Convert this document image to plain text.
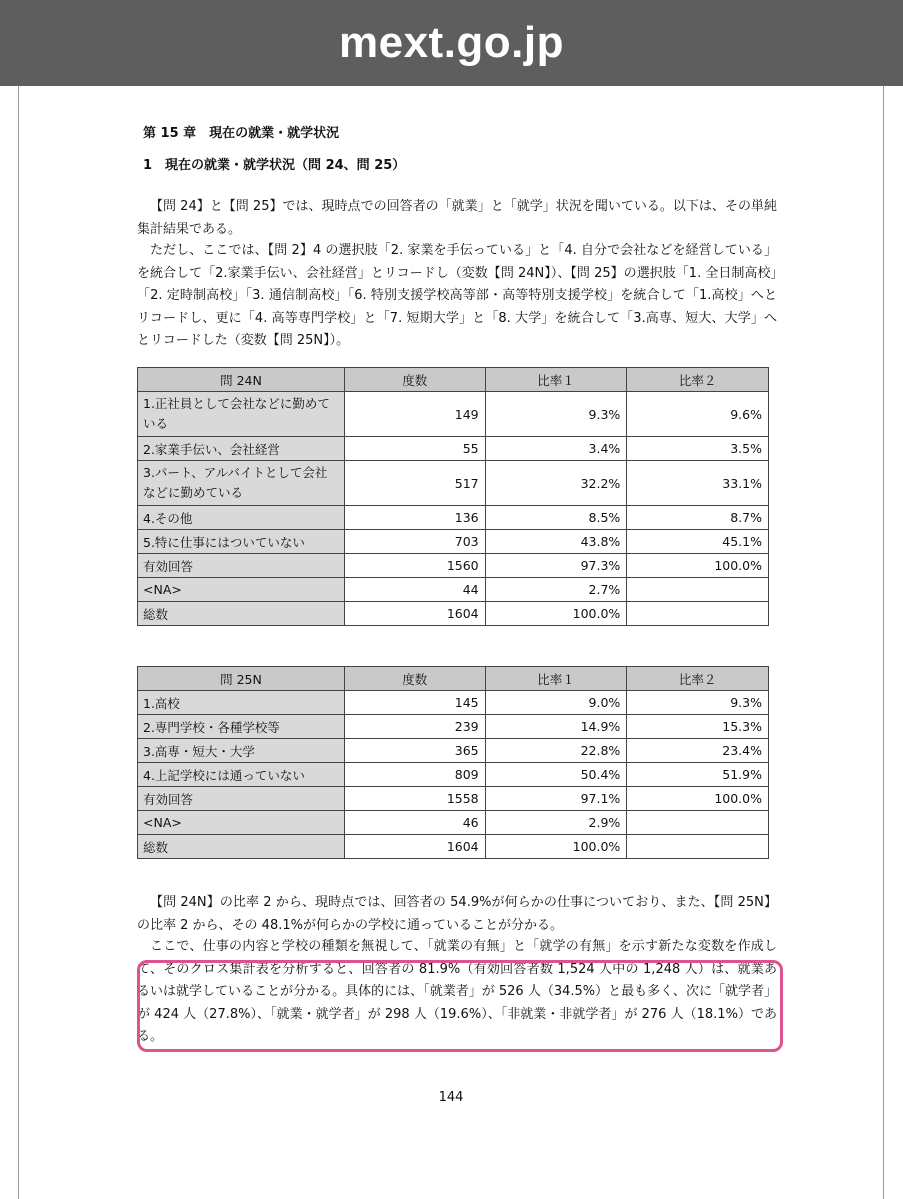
mext.go.jp
第 15 章　現在の就業・就学状況
1　現在の就業・就学状況（問 24、問 25）

【問 24】と【問 25】では、現時点での回答者の「就業」と「就学」状況を聞いている。以下は、その単純集計結果である。

ただし、ここでは、【問 2】4 の選択肢「2. 家業を手伝っている」と「4. 自分で会社などを経営している」を統合して「2.家業手伝い、会社経営」とリコードし（変数【問 24N】）、【問 25】の選択肢「1. 全日制高校」「2. 定時制高校」「3. 通信制高校」「6. 特別支援学校高等部・高等特別支援学校」を統合して「1.高校」へとリコードし、更に「4. 高等専門学校」と「7. 短期大学」と「8. 大学」を統合して「3.高専、短大、大学」へとリコードした（変数【問 25N】）。

問 24N	度数	比率１	比率２
1.正社員として会社などに勤めている	149	9.3%	9.6%
2.家業手伝い、会社経営	55	3.4%	3.5%
3.パート、アルバイトとして会社などに勤めている	517	32.2%	33.1%
4.その他	136	8.5%	8.7%
5.特に仕事にはついていない	703	43.8%	45.1%
有効回答	1560	97.3%	100.0%
<NA>	44	2.7%	
総数	1604	100.0%	
問 25N	度数	比率１	比率２
1.高校	145	9.0%	9.3%
2.専門学校・各種学校等	239	14.9%	15.3%
3.高専・短大・大学	365	22.8%	23.4%
4.上記学校には通っていない	809	50.4%	51.9%
有効回答	1558	97.1%	100.0%
<NA>	46	2.9%	
総数	1604	100.0%	

【問 24N】の比率 2 から、現時点では、回答者の 54.9%が何らかの仕事についており、また、【問 25N】の比率 2 から、その 48.1%が何らかの学校に通っていることが分かる。

ここで、仕事の内容と学校の種類を無視して、「就業の有無」と「就学の有無」を示す新たな変数を作成して、そのクロス集計表を分析すると、回答者の 81.9%（有効回答者数 1,524 人中の 1,248 人）は、就業あるいは就学していることが分かる。具体的には、「就業者」が 526 人（34.5%）と最も多く、次に「就学者」が 424 人（27.8%）、「就業・就学者」が 298 人（19.6%）、「非就業・非就学者」が 276 人（18.1%）である。

144
